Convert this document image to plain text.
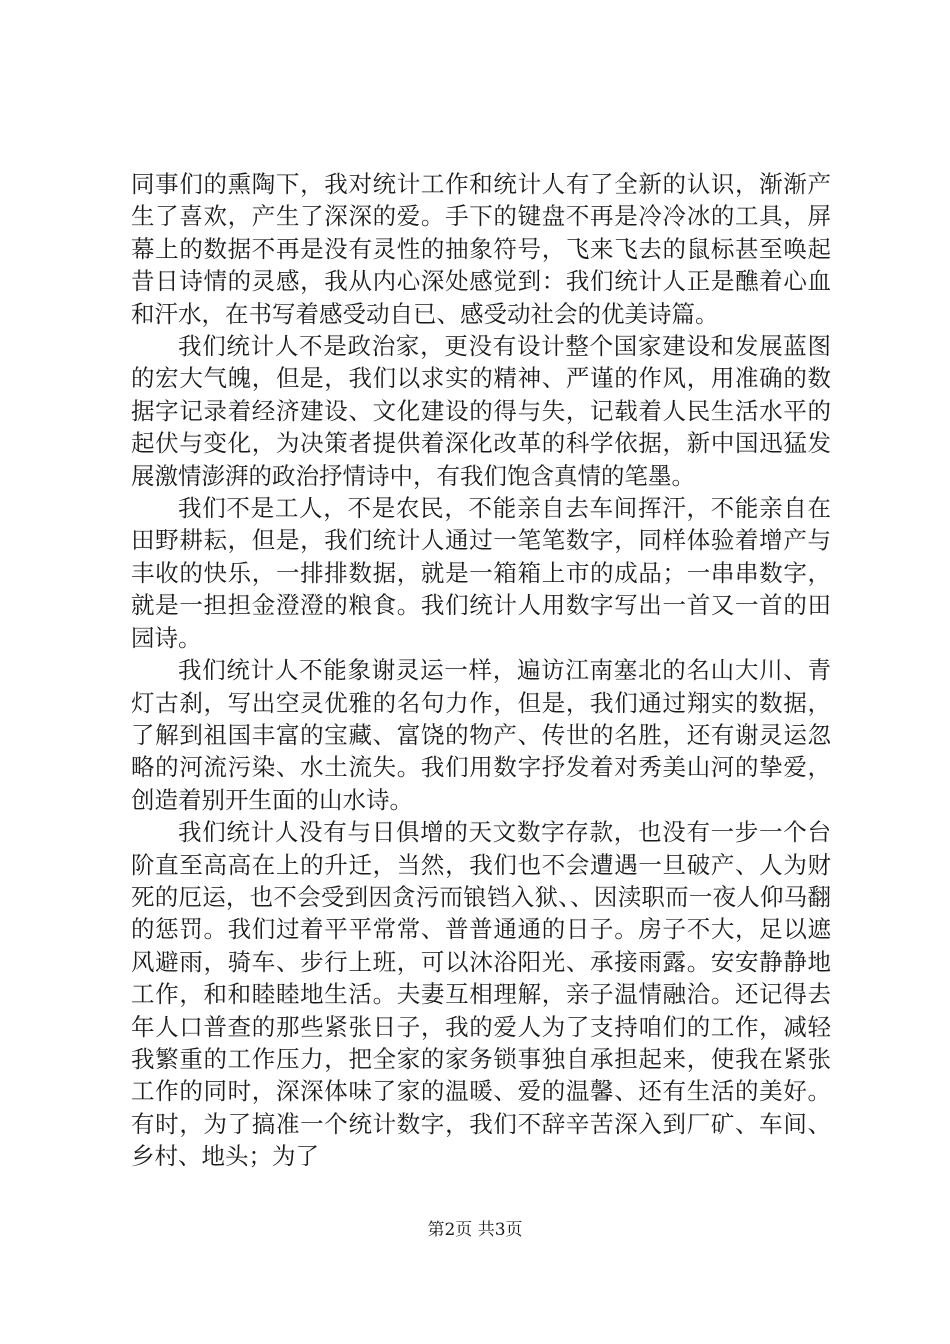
同事们的熏陶下，我对统计工作和统计人有了全新的认识，渐渐产生了喜欢，产生了深深的爱。手下的键盘不再是冷冷冰的工具，屏幕上的数据不再是没有灵性的抽象符号，飞来飞去的鼠标甚至唤起昔日诗情的灵感，我从内心深处感觉到：我们统计人正是醮着心血和汗水，在书写着感受动自已、感受动社会的优美诗篇。

我们统计人不是政治家，更没有设计整个国家建设和发展蓝图的宏大气魄，但是，我们以求实的精神、严谨的作风，用准确的数据字记录着经济建设、文化建设的得与失，记载着人民生活水平的起伏与变化，为决策者提供着深化改革的科学依据，新中国迅猛发展激情澎湃的政治抒情诗中，有我们饱含真情的笔墨。

我们不是工人，不是农民，不能亲自去车间挥汗，不能亲自在田野耕耘，但是，我们统计人通过一笔笔数字，同样体验着增产与丰收的快乐，一排排数据，就是一箱箱上市的成品；一串串数字，就是一担担金澄澄的粮食。我们统计人用数字写出一首又一首的田园诗。

我们统计人不能象谢灵运一样，遍访江南塞北的名山大川、青灯古刹，写出空灵优雅的名句力作，但是，我们通过翔实的数据，了解到祖国丰富的宝藏、富饶的物产、传世的名胜，还有谢灵运忽略的河流污染、水土流失。我们用数字抒发着对秀美山河的挚爱，创造着别开生面的山水诗。

我们统计人没有与日俱增的天文数字存款，也没有一步一个台阶直至高高在上的升迁，当然，我们也不会遭遇一旦破产、人为财死的厄运，也不会受到因贪污而锒铛入狱、、因渎职而一夜人仰马翻的惩罚。我们过着平平常常、普普通通的日子。房子不大，足以遮风避雨，骑车、步行上班，可以沐浴阳光、承接雨露。安安静静地工作，和和睦睦地生活。夫妻互相理解，亲子温情融洽。还记得去年人口普查的那些紧张日子，我的爱人为了支持咱们的工作，减轻我繁重的工作压力，把全家的家务锁事独自承担起来，使我在紧张工作的同时，深深体味了家的温暖、爱的温馨、还有生活的美好。有时，为了搞准一个统计数字，我们不辞辛苦深入到厂矿、车间、乡村、地头；为了

第2页 共3页
